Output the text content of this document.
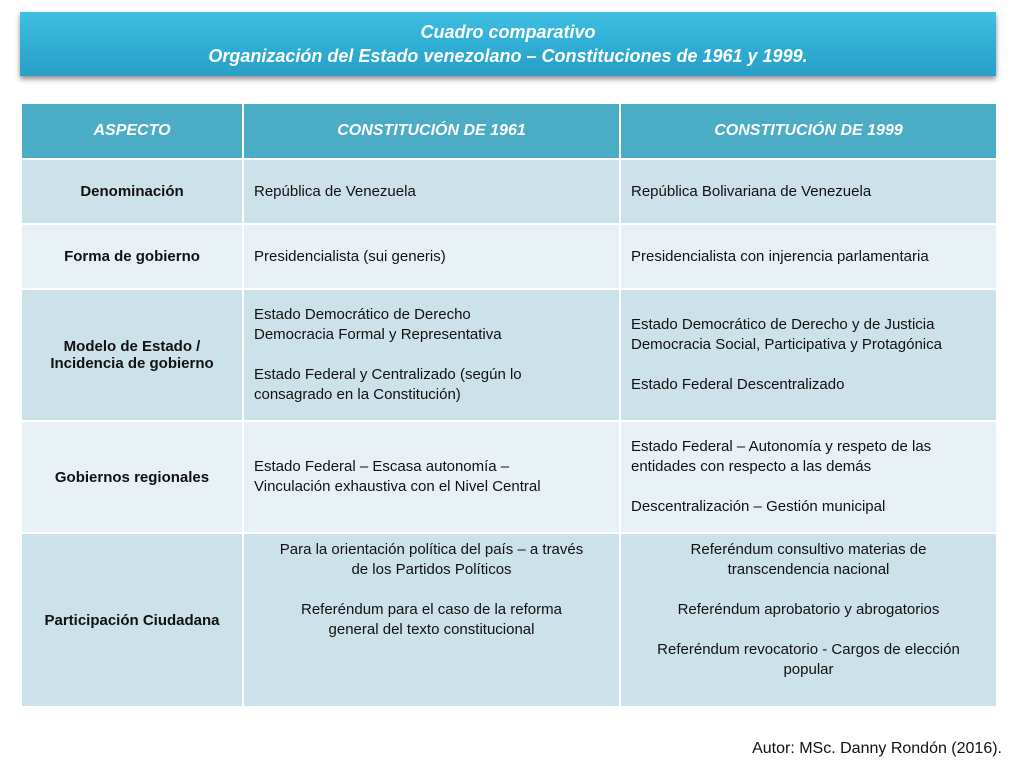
Cuadro comparativo
Organización del Estado venezolano – Constituciones de 1961 y 1999.
ASPECTO	CONSTITUCIÓN DE 1961	CONSTITUCIÓN DE 1999
Denominación	República de Venezuela	República Bolivariana de Venezuela

Forma de gobierno	Presidencialista (sui generis)	Presidencialista con injerencia parlamentaria

Modelo de Estado /
Incidencia de gobierno	Estado Democrático de Derecho
Democracia Formal y Representativa
Estado Federal y Centralizado (según lo
consagrado en la Constitución)	Estado Democrático de Derecho y de Justicia
Democracia Social, Participativa y Protagónica
Estado Federal Descentralizado

Gobiernos regionales	Estado Federal – Escasa autonomía –
Vinculación exhaustiva con el Nivel Central	Estado Federal – Autonomía y respeto de las
entidades con respecto a las demás
Descentralización – Gestión municipal

Participación Ciudadana	Para la orientación política del país – a través
de los Partidos Políticos
Referéndum para el caso de la reforma
general del texto constitucional	Referéndum consultivo materias de
transcendencia nacional
Referéndum aprobatorio y abrogatorios
Referéndum revocatorio - Cargos de elección
popular
Autor: MSc. Danny Rondón (2016).
